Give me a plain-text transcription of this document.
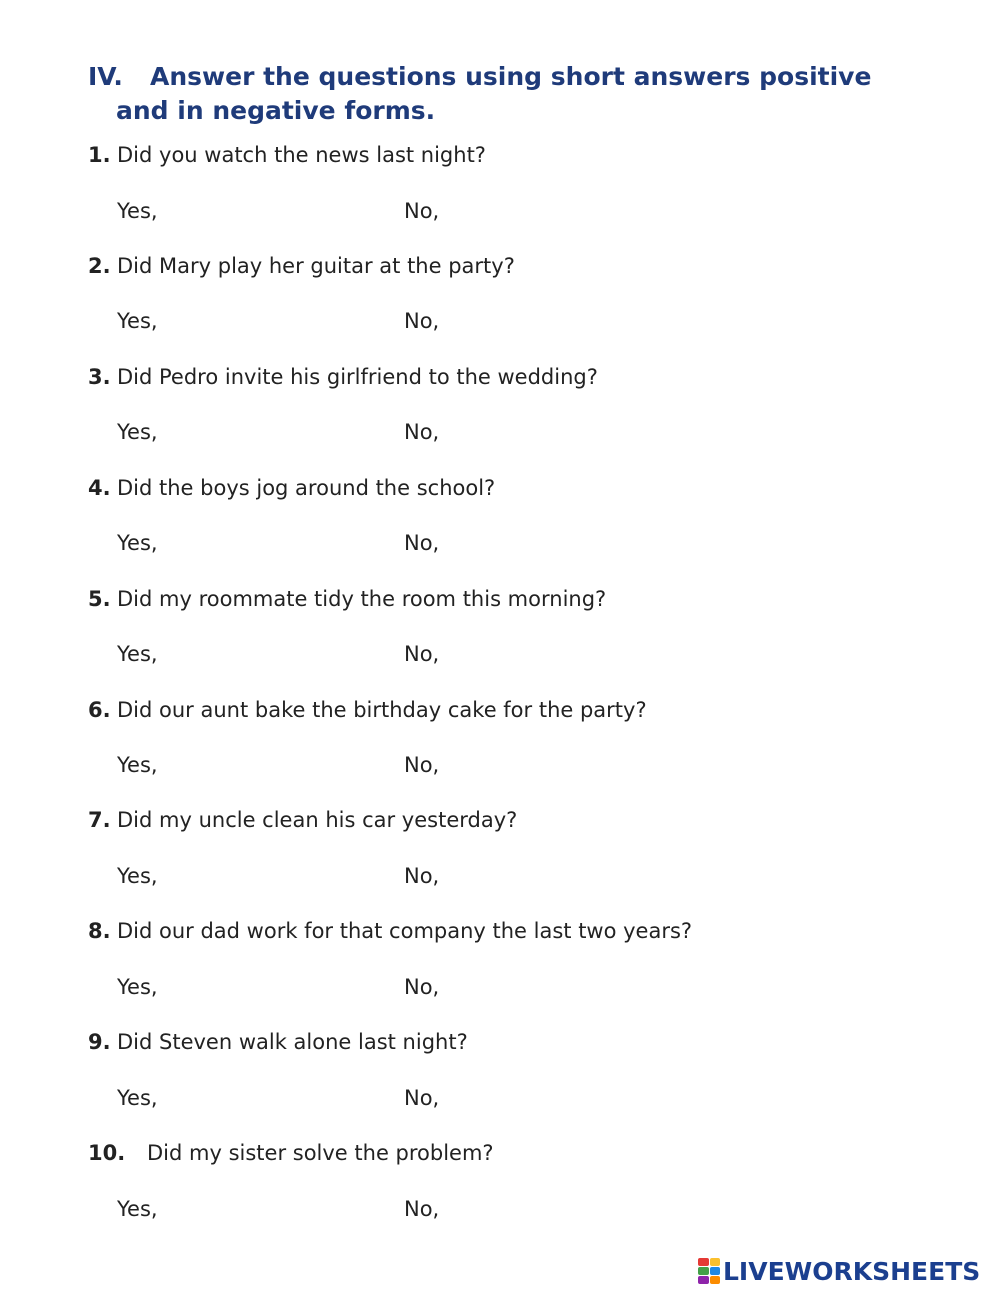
IV. Answer the questions using short answers positive
and in negative forms.
1. Did you watch the news last night?
Yes,	No,
2. Did Mary play her guitar at the party?
Yes,	No,
3. Did Pedro invite his girlfriend to the wedding?
Yes,	No,
4. Did the boys jog around the school?
Yes,	No,
5. Did my roommate tidy the room this morning?
Yes,	No,
6. Did our aunt bake the birthday cake for the party?
Yes,	No,
7. Did my uncle clean his car yesterday?
Yes,	No,
8. Did our dad work for that company the last two years?
Yes,	No,
9. Did Steven walk alone last night?
Yes,	No,
10. Did my sister solve the problem?
Yes,	No,
LIVEWORKSHEETS
